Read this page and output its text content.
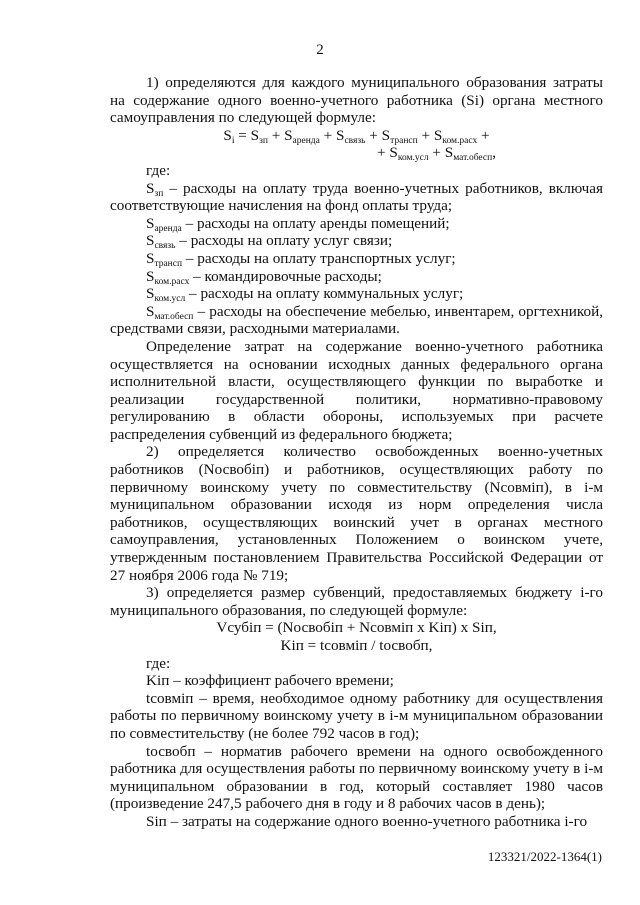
2

1) определяются для каждого муниципального образования затраты на содержание одного военно-учетного работника (Si) органа местного самоуправления по следующей формуле:

$S_i = S_{зп} + S_{аренда} + S_{связь} + S_{трансп} + S_{ком.расх}$ +
+ $S_{ком.усл} + S_{мат.обесп}$,

где:

$S_{зп}$ – расходы на оплату труда военно-учетных работников, включая соответствующие начисления на фонд оплаты труда;

$S_{аренда}$ – расходы на оплату аренды помещений;

$S_{связь}$ – расходы на оплату услуг связи;

$S_{трансп}$ – расходы на оплату транспортных услуг;

$S_{ком.расх}$ – командировочные расходы;

$S_{ком.усл}$ – расходы на оплату коммунальных услуг;

$S_{мат.обесп}$ – расходы на обеспечение мебелью, инвентарем, оргтехникой, средствами связи, расходными материалами.

Определение затрат на содержание военно-учетного работника осуществляется на основании исходных данных федерального органа исполнительной власти, осуществляющего функции по выработке и реализации государственной политики, нормативно-правовому регулированию в области обороны, используемых при расчете распределения субвенций из федерального бюджета;

2) определяется количество освобожденных военно-учетных работников (Nосвобiп) и работников, осуществляющих работу по первичному воинскому учету по совместительству (Nсовмiп), в i-м муниципальном образовании исходя из норм определения числа работников, осуществляющих воинский учет в органах местного самоуправления, установленных Положением о воинском учете, утвержденным постановлением Правительства Российской Федерации от 27 ноября 2006 года № 719;

3) определяется размер субвенций, предоставляемых бюджету i-го муниципального образования, по следующей формуле:

Vсубiп = (Nосвобiп + Nсовмiп x Kiп) x Siп,

Kiп = tсовмiп / tосвобп,

где:

Kiп – коэффициент рабочего времени;

tсовмiп – время, необходимое одному работнику для осуществления работы по первичному воинскому учету в i-м муниципальном образовании по совместительству (не более 792 часов в год);

tосвобп – норматив рабочего времени на одного освобожденного работника для осуществления работы по первичному воинскому учету в i-м муниципальном образовании в год, который составляет 1980 часов (произведение 247,5 рабочего дня в году и 8 рабочих часов в день);

Siп – затраты на содержание одного военно-учетного работника i-го

123321/2022-1364(1)
